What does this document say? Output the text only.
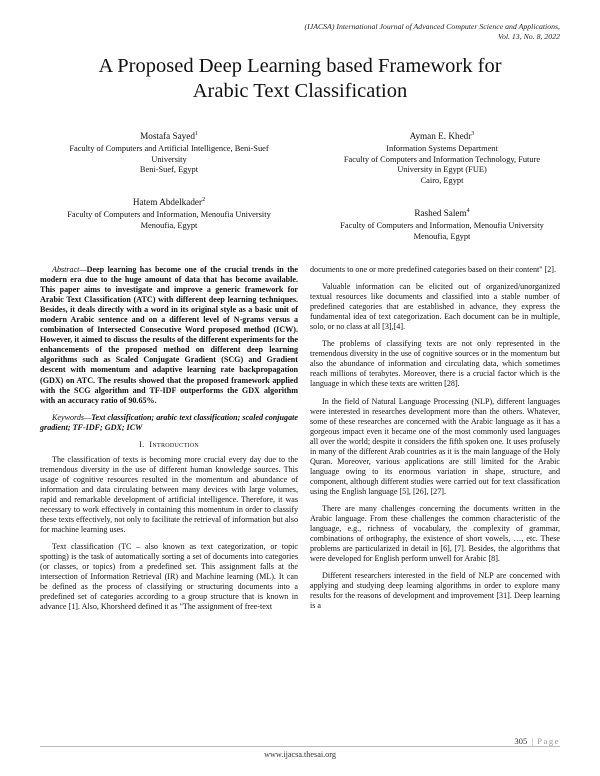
(IJACSA) International Journal of Advanced Computer Science and Applications,
Vol. 13, No. 8, 2022
A Proposed Deep Learning based Framework for
Arabic Text Classification
Mostafa Sayed$^1$
Faculty of Computers and Artificial Intelligence, Beni-Suef
University
Beni-Suef, Egypt
Hatem Abdelkader$^2$
Faculty of Computers and Information, Menoufia University
Menoufia, Egypt
Ayman E. Khedr$^3$
Information Systems Department
Faculty of Computers and Information Technology, Future
University in Egypt (FUE)
Cairo, Egypt
Rashed Salem$^4$
Faculty of Computers and Information, Menoufia University
Menoufia, Egypt

Abstract—Deep learning has become one of the crucial trends in the modern era due to the huge amount of data that has become available. This paper aims to investigate and improve a generic framework for Arabic Text Classification (ATC) with different deep learning techniques. Besides, it deals directly with a word in its original style as a basic unit of modern Arabic sentence and on a different level of N-grams versus a combination of Intersected Consecutive Word proposed method (ICW). However, it aimed to discuss the results of the different experiments for the enhancements of the proposed method on different deep learning algorithms such as Scaled Conjugate Gradient (SCG) and Gradient descent with momentum and adaptive learning rate backpropagation (GDX) on ATC. The results showed that the proposed framework applied with the SCG algorithm and TF-IDF outperforms the GDX algorithm with an accuracy ratio of 90.65%.

Keywords—Text classification; arabic text classification; scaled conjugate gradient; TF-IDF; GDX; ICW

I. Introduction

The classification of texts is becoming more crucial every day due to the tremendous diversity in the use of different human knowledge sources. This usage of cognitive resources resulted in the momentum and abundance of information and data circulating between many devices with large volumes, rapid and remarkable development of artificial intelligence. Therefore, it was necessary to work effectively in containing this momentum in order to classify these texts effectively, not only to facilitate the retrieval of information but also for machine learning uses.

Text classification (TC – also known as text categorization, or topic spotting) is the task of automatically sorting a set of documents into categories (or classes, or topics) from a predefined set. This assignment falls at the intersection of Information Retrieval (IR) and Machine learning (ML). It can be defined as the process of classifying or structuring documents into a predefined set of categories according to a group structure that is known in advance [1]. Also, Khorsheed defined it as "The assignment of free-text

documents to one or more predefined categories based on their content" [2].

Valuable information can be elicited out of organized/unorganized textual resources like documents and classified into a stable number of predefined categories that are established in advance, they express the fundamental idea of text categorization. Each document can be in multiple, solo, or no class at all [3],[4].

The problems of classifying texts are not only represented in the tremendous diversity in the use of cognitive sources or in the momentum but also the abundance of information and circulating data, which sometimes reach millions of terabytes. Moreover, there is a crucial factor which is the language in which these texts are written [28].

In the field of Natural Language Processing (NLP), different languages were interested in researches development more than the others. Whatever, some of these researches are concerned with the Arabic language as it has a gorgeous impact even it became one of the most commonly used languages all over the world; despite it considers the fifth spoken one. It uses profusely in many of the different Arab countries as it is the main language of the Holy Quran. Moreover, various applications are still limited for the Arabic language owing to its enormous variation in shape, structure, and component, although different studies were carried out for text classification using the English language [5], [26], [27].

There are many challenges concerning the documents written in the Arabic language. From these challenges the common characteristic of the language, e.g., richness of vocabulary, the complexity of grammar, combinations of orthography, the existence of short vowels, …, etc. These problems are particularized in detail in [6], [7]. Besides, the algorithms that were developed for English perform unwell for Arabic [8].

Different researchers interested in the field of NLP are concerned with applying and studying deep learning algorithms in order to explore many results for the reasons of development and improvement [31]. Deep learning is a

305 | Page
www.ijacsa.thesai.org
